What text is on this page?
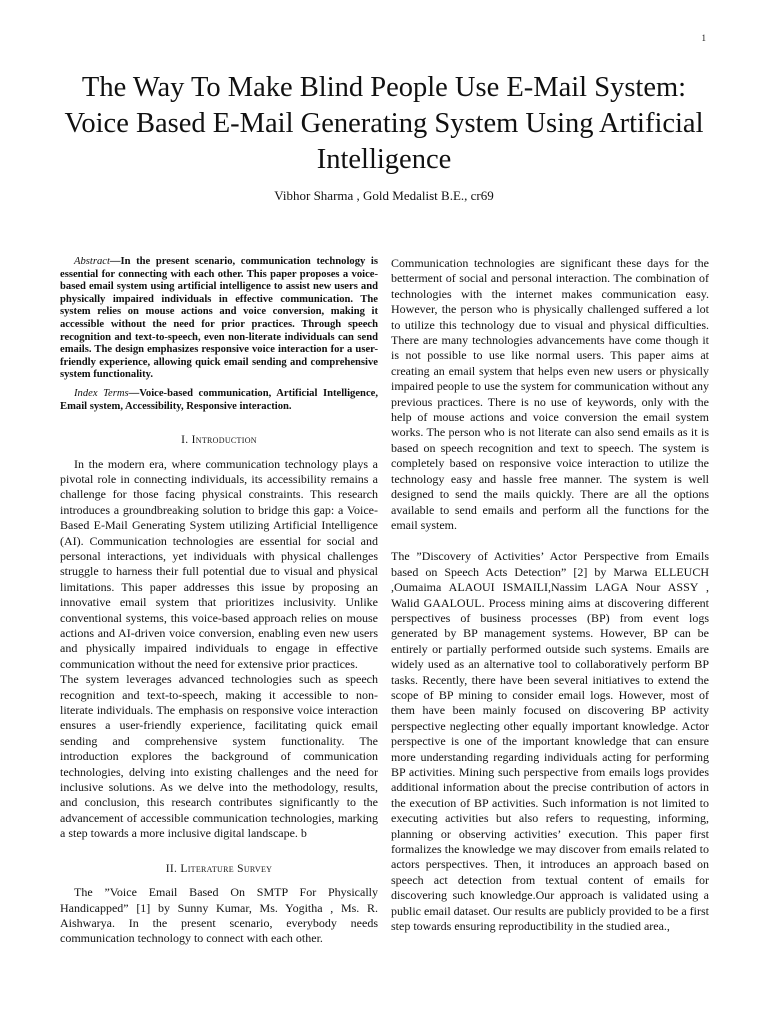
1
The Way To Make Blind People Use E-Mail System: Voice Based E-Mail Generating System Using Artificial Intelligence
Vibhor Sharma , Gold Medalist B.E., cr69

Abstract—In the present scenario, communication technology is essential for connecting with each other. This paper proposes a voice-based email system using artificial intelligence to assist new users and physically impaired individuals in effective communication. The system relies on mouse actions and voice conversion, making it accessible without the need for prior practices. Through speech recognition and text-to-speech, even non-literate individuals can send emails. The design emphasizes responsive voice interaction for a user-friendly experience, allowing quick email sending and comprehensive system functionality.

Index Terms—Voice-based communication, Artificial Intelligence, Email system, Accessibility, Responsive interaction.

I. Introduction

In the modern era, where communication technology plays a pivotal role in connecting individuals, its accessibility remains a challenge for those facing physical constraints. This research introduces a groundbreaking solution to bridge this gap: a Voice-Based E-Mail Generating System utilizing Artificial Intelligence (AI). Communication technologies are essential for social and personal interactions, yet individuals with physical challenges struggle to harness their full potential due to visual and physical limitations. This paper addresses this issue by proposing an innovative email system that prioritizes inclusivity. Unlike conventional systems, this voice-based approach relies on mouse actions and AI-driven voice conversion, enabling even new users and physically impaired individuals to engage in effective communication without the need for extensive prior practices.

The system leverages advanced technologies such as speech recognition and text-to-speech, making it accessible to non-literate individuals. The emphasis on responsive voice interaction ensures a user-friendly experience, facilitating quick email sending and comprehensive system functionality. The introduction explores the background of communication technologies, delving into existing challenges and the need for inclusive solutions. As we delve into the methodology, results, and conclusion, this research contributes significantly to the advancement of accessible communication technologies, marking a step towards a more inclusive digital landscape. b

II. Literature Survey

The ”Voice Email Based On SMTP For Physically Handicapped” [1] by Sunny Kumar, Ms. Yogitha , Ms. R. Aishwarya. In the present scenario, everybody needs communication technology to connect with each other.

Communication technologies are significant these days for the betterment of social and personal interaction. The combination of technologies with the internet makes communication easy. However, the person who is physically challenged suffered a lot to utilize this technology due to visual and physical difficulties. There are many technologies advancements have come though it is not possible to use like normal users. This paper aims at creating an email system that helps even new users or physically impaired people to use the system for communication without any previous practices. There is no use of keywords, only with the help of mouse actions and voice conversion the email system works. The person who is not literate can also send emails as it is based on speech recognition and text to speech. The system is completely based on responsive voice interaction to utilize the technology easy and hassle free manner. The system is well designed to send the mails quickly. There are all the options available to send emails and perform all the functions for the email system.

The ”Discovery of Activities’ Actor Perspective from Emails based on Speech Acts Detection” [2] by Marwa ELLEUCH ,Oumaima ALAOUI ISMAILI,Nassim LAGA Nour ASSY , Walid GAALOUL. Process mining aims at discovering different perspectives of business processes (BP) from event logs generated by BP management systems. However, BP can be entirely or partially performed outside such systems. Emails are widely used as an alternative tool to collaboratively perform BP tasks. Recently, there have been several initiatives to extend the scope of BP mining to consider email logs. However, most of them have been mainly focused on discovering BP activity perspective neglecting other equally important knowledge. Actor perspective is one of the important knowledge that can ensure more understanding regarding individuals acting for performing BP activities. Mining such perspective from emails logs provides additional information about the precise contribution of actors in the execution of BP activities. Such information is not limited to executing activities but also refers to requesting, informing, planning or observing activities’ execution. This paper first formalizes the knowledge we may discover from emails related to actors perspectives. Then, it introduces an approach based on speech act detection from textual content of emails for discovering such knowledge.Our approach is validated using a public email dataset. Our results are publicly provided to be a first step towards ensuring reproductibility in the studied area.,
